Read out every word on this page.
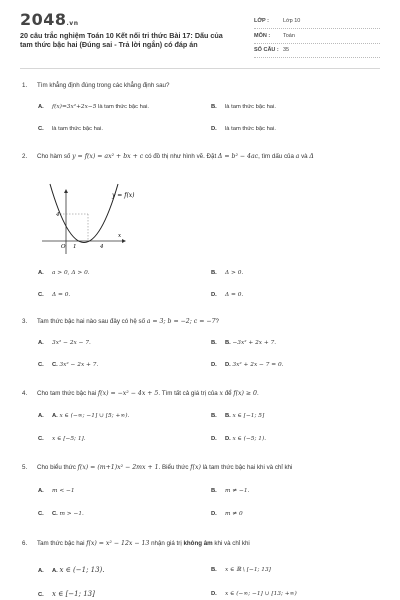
2048.vn
20 câu trắc nghiệm Toán 10 Kết nối tri thức Bài 17: Dấu của tam thức bậc hai (Đúng sai - Trả lời ngắn) có đáp án
LỚP :	Lớp 10
MÔN : Toán
SỐ CÂU : 35
1. Tìm khẳng định đúng trong các khẳng định sau?
A. f(x)=3x²+2x−5 là tam thức bậc hai.	B. là tam thức bậc hai.
C. là tam thức bậc hai.	D. là tam thức bậc hai.
2. Cho hàm số y = f(x) = ax² + bx + c có đồ thị như hình vẽ. Đặt Δ = b² − 4ac, tìm dấu của a và Δ
y = f(x)
4
O 1	4
x
A. a > 0, Δ > 0.	B. Δ > 0.
C. Δ = 0.	D. Δ = 0.
3. Tam thức bậc hai nào sau đây có hệ số a = 3; b = −2; c = −7?
A. 3x² − 2x − 7.	B. B. −3x² + 2x + 7.
C. C. 3x² − 2x + 7.	D. D. 3x² + 2x − 7 = 0.
4. Cho tam thức bậc hai f(x) = −x² − 4x + 5. Tìm tất cả giá trị của x để f(x) ≥ 0.
A. A. x ∈ (−∞; −1] ∪ [5; +∞).	B. B. x ∈ [−1; 5]
C. x ∈ [−5; 1].	D. D. x ∈ (−5; 1).
5. Cho biểu thức f(x) = (m+1)x² − 2mx + 1. Biểu thức f(x) là tam thức bậc hai khi và chỉ khi
A. m < −1	B. m ≠ −1.
C. C. m > −1.	D. m ≠ 0
6. Tam thức bậc hai f(x) = x² − 12x − 13 nhận giá trị không âm khi và chỉ khi
A. A. x ∈ (−1; 13).	B. x ∈ ℝ \ [−1; 13]
C. x ∈ [−1; 13]	D. x ∈ (−∞; −1] ∪ [13; +∞)
